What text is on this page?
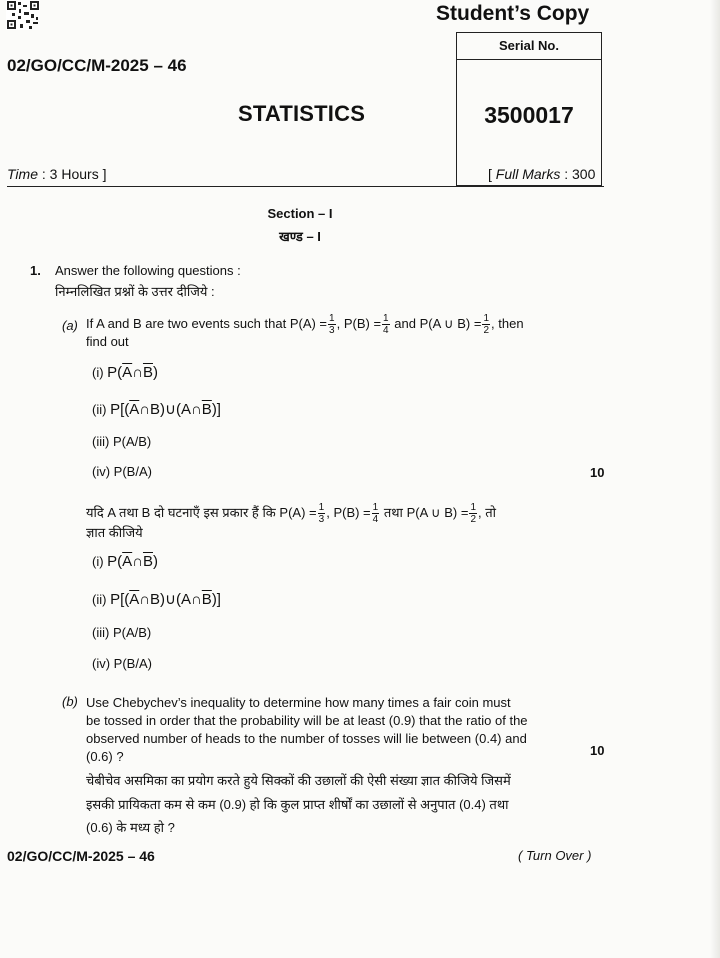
Student’s Copy
Serial No.
3500017
02/GO/CC/M-2025 – 46
STATISTICS
Time : 3 Hours ]	[ Full Marks : 300
Section – I
खण्ड – I
1. Answer the following questions :
निम्नलिखित प्रश्नों के उत्तर दीजिये :
(a) If A and B are two events such that $P(A) = \frac{1}{3}$ , $P(B) = \frac{1}{4}$ and P(A ∪ $B) = \frac{1}{2}$ , then
find out
(i) $P(\overline{A}\cap\overline{B})$
(ii) $P[(\overline{A}\cap B)\cup(A\cap\overline{B})]$
(iii) P(A/B)
(iv) P(B/A)	10
यदि A तथा B दो घटनाएँ इस प्रकार हैं कि $P(A) = \frac{1}{3}$ , $P(B) = \frac{1}{4}$ तथा P(A ∪ $B) = \frac{1}{2}$ , तो
ज्ञात कीजिये
(i) $P(\overline{A}\cap\overline{B})$
(ii) $P[(\overline{A}\cap B)\cup(A\cap\overline{B})]$
(iii) P(A/B)
(iv) P(B/A)
(b) Use Chebychev’s inequality to determine how many times a fair coin must
be tossed in order that the probability will be at least (0.9) that the ratio of the
observed number of heads to the number of tosses will lie between (0.4) and
(0.6) ?	10
चेबीचेव असमिका का प्रयोग करते हुये सिक्कों की उछालों की ऐसी संख्या ज्ञात कीजिये जिसमें
इसकी प्रायिकता कम से कम (0.9) हो कि कुल प्राप्त शीर्षों का उछालों से अनुपात (0.4) तथा
(0.6) के मध्य हो ?
02/GO/CC/M-2025 – 46	( Turn Over )
